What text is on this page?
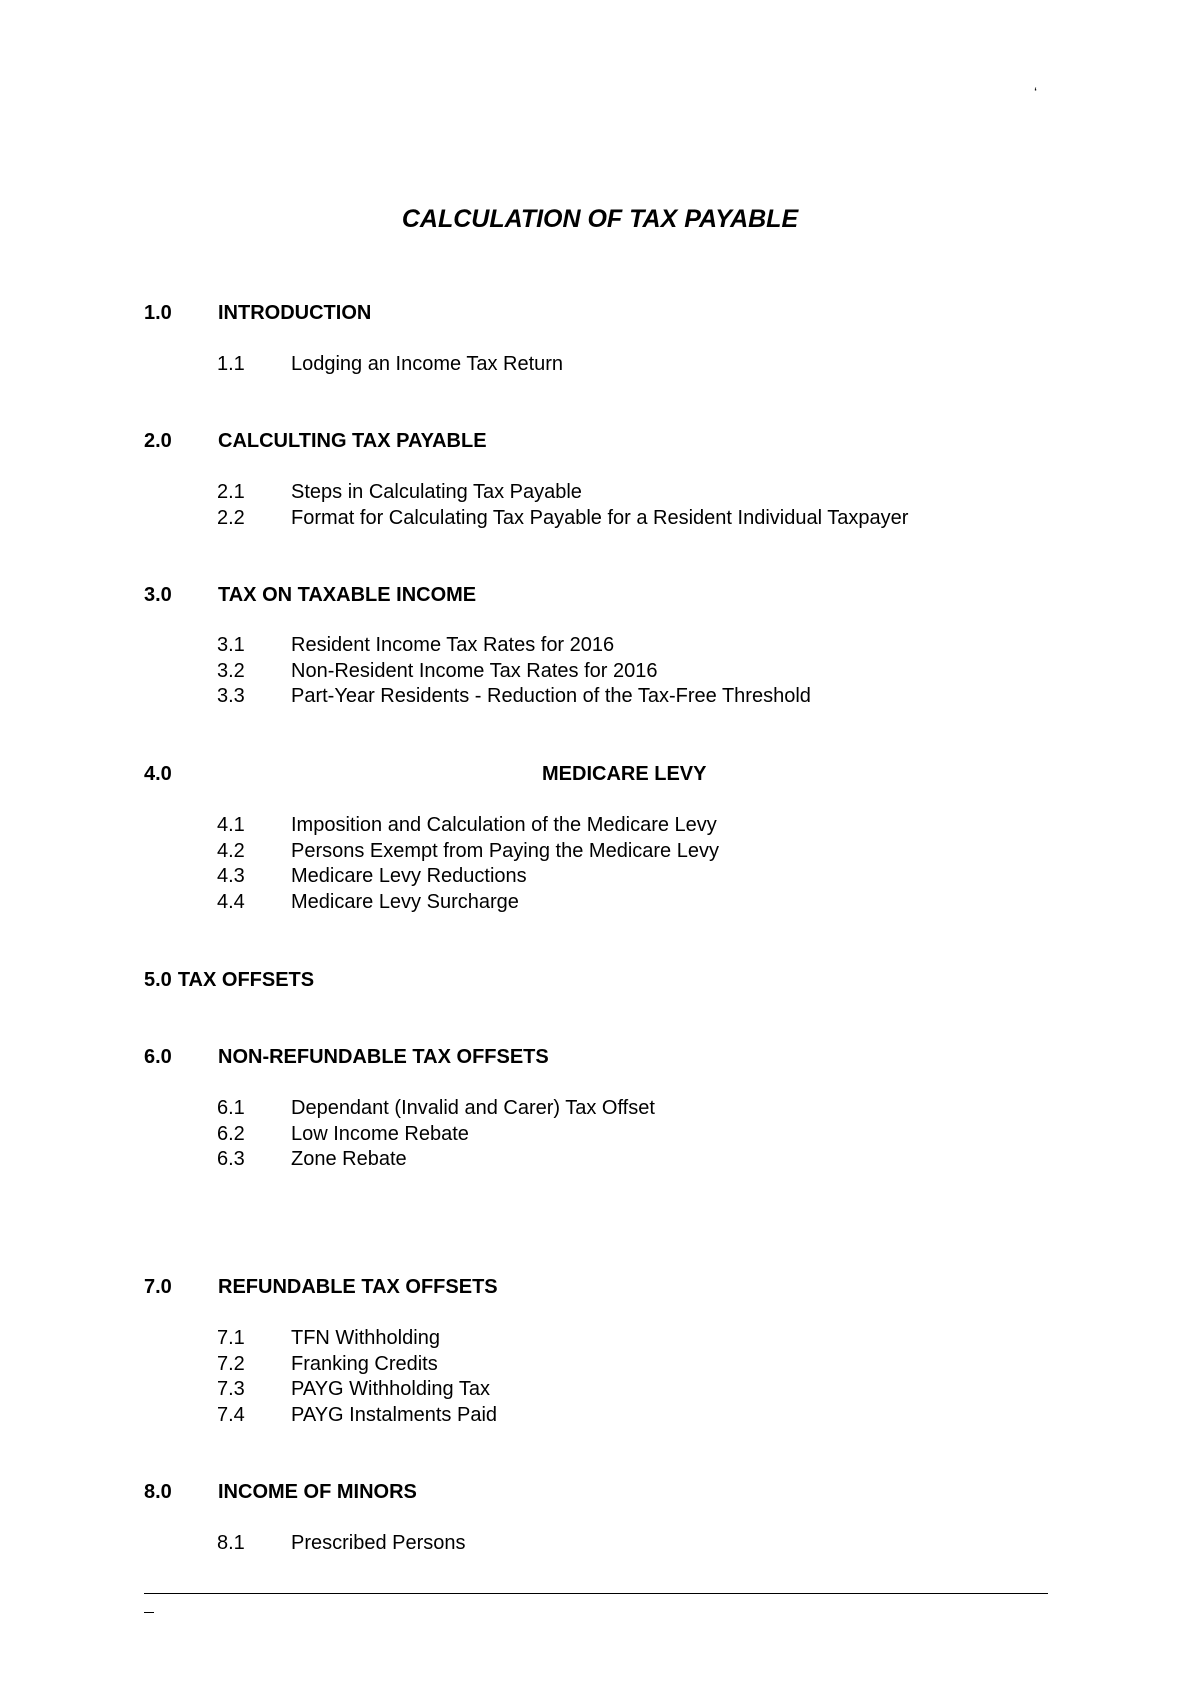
‘
CALCULATION OF TAX PAYABLE
1.0 INTRODUCTION
1.1 Lodging an Income Tax Return
2.0 CALCULTING TAX PAYABLE
2.1 Steps in Calculating Tax Payable
2.2 Format for Calculating Tax Payable for a Resident Individual Taxpayer
3.0 TAX ON TAXABLE INCOME
3.1 Resident Income Tax Rates for 2016
3.2 Non-Resident Income Tax Rates for 2016
3.3 Part-Year Residents - Reduction of the Tax-Free Threshold
4.0	MEDICARE LEVY
4.1 Imposition and Calculation of the Medicare Levy
4.2 Persons Exempt from Paying the Medicare Levy
4.3 Medicare Levy Reductions
4.4 Medicare Levy Surcharge
5.0 TAX OFFSETS
6.0 NON-REFUNDABLE TAX OFFSETS
6.1 Dependant (Invalid and Carer) Tax Offset
6.2 Low Income Rebate
6.3 Zone Rebate
7.0 REFUNDABLE TAX OFFSETS
7.1 TFN Withholding
7.2 Franking Credits
7.3 PAYG Withholding Tax
7.4 PAYG Instalments Paid
8.0 INCOME OF MINORS
8.1 Prescribed Persons
